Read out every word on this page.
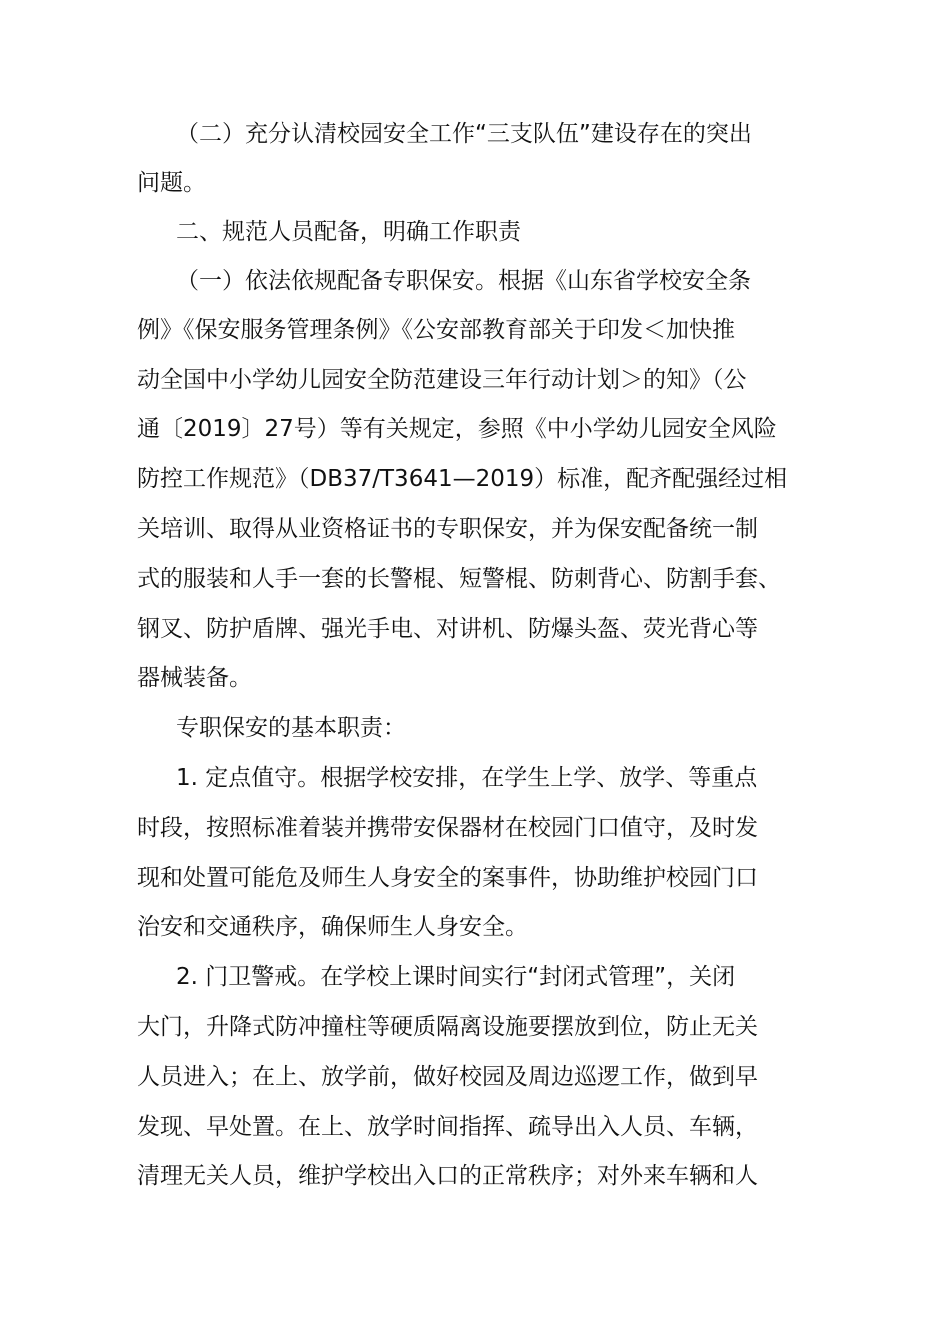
（二）充分认清校园安全工作“三支队伍”建设存在的突出
问题。
二、规范人员配备，明确工作职责
（一）依法依规配备专职保安。根据《山东省学校安全条
例》《保安服务管理条例》《公安部教育部关于印发＜加快推
动全国中小学幼儿园安全防范建设三年行动计划＞的知》（公
通〔2019〕27号）等有关规定，参照《中小学幼儿园安全风险
防控工作规范》（DB37/T3641—2019）标准，配齐配强经过相
关培训、取得从业资格证书的专职保安，并为保安配备统一制
式的服装和人手一套的长警棍、短警棍、防刺背心、防割手套、
钢叉、防护盾牌、强光手电、对讲机、防爆头盔、荧光背心等
器械装备。
专职保安的基本职责：
1. 定点值守。根据学校安排，在学生上学、放学、等重点
时段，按照标准着装并携带安保器材在校园门口值守，及时发
现和处置可能危及师生人身安全的案事件，协助维护校园门口
治安和交通秩序，确保师生人身安全。
2. 门卫警戒。在学校上课时间实行“封闭式管理”，关闭
大门，升降式防冲撞柱等硬质隔离设施要摆放到位，防止无关
人员进入；在上、放学前，做好校园及周边巡逻工作，做到早
发现、早处置。在上、放学时间指挥、疏导出入人员、车辆，
清理无关人员，维护学校出入口的正常秩序；对外来车辆和人
